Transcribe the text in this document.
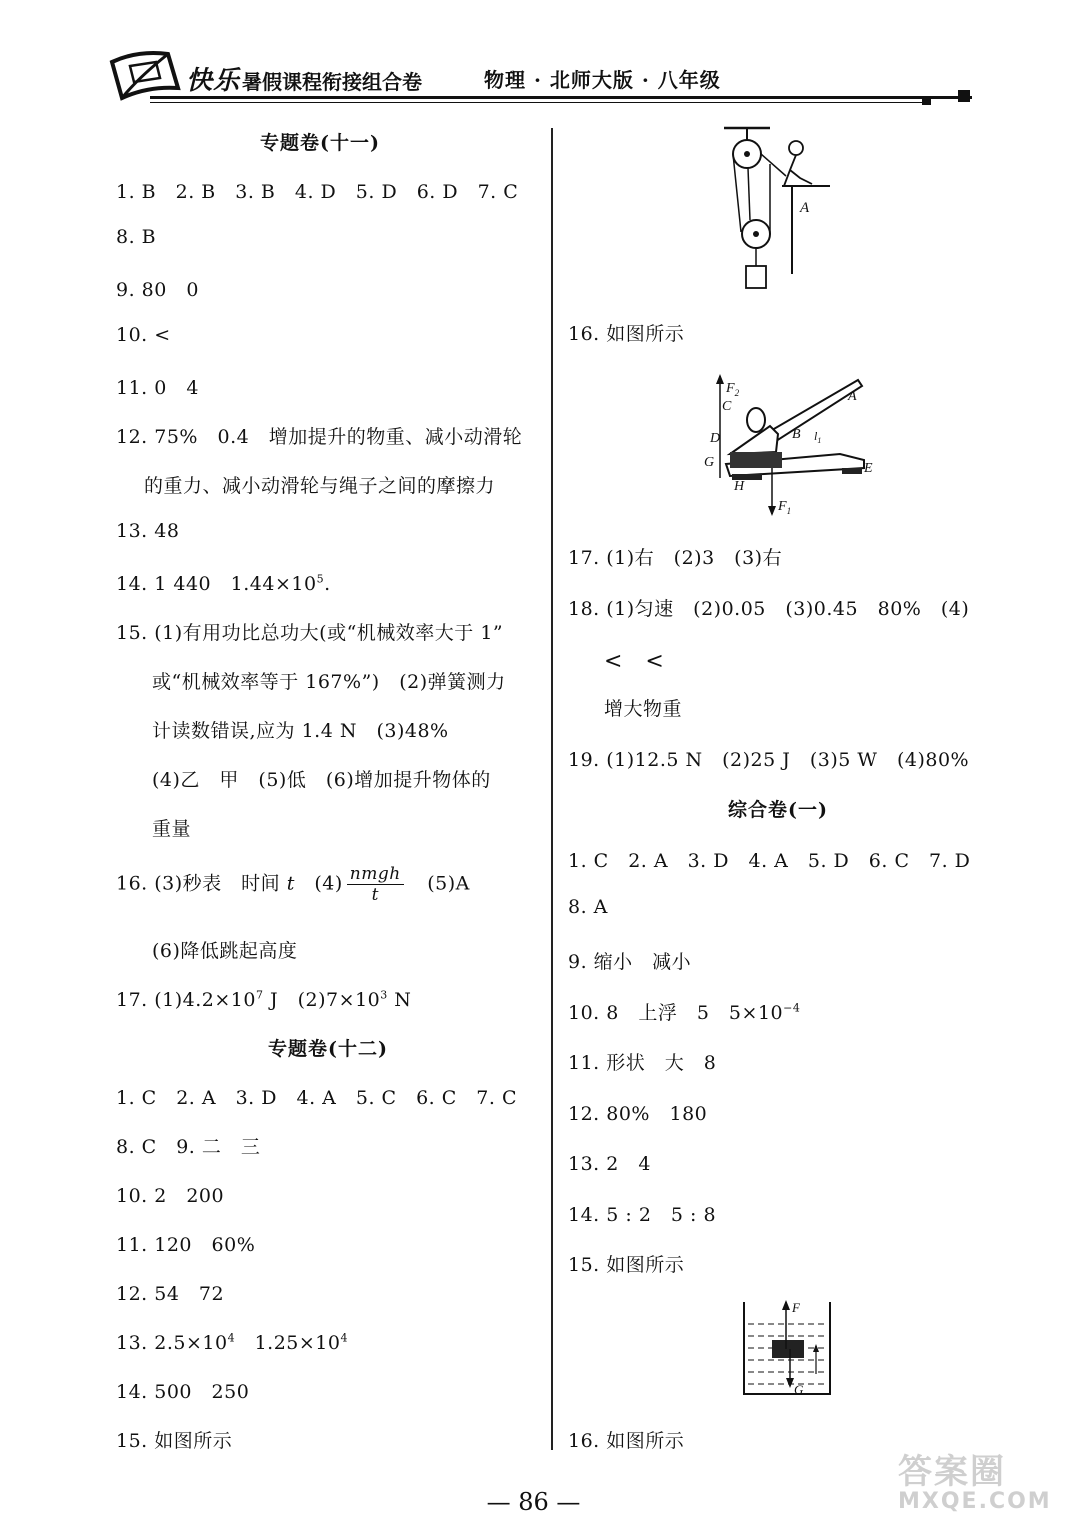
快乐 暑假课程衔接组合卷	物理 · 北师大版 · 八年级
专题卷(十一)
1. B　2. B　3. B　4. D　5. D　6. D　7. C
8. B
9. 80　0
10. <
11. 0　4
12. 75%　0.4　增加提升的物重、减小动滑轮
的重力、减小动滑轮与绳子之间的摩擦力
13. 48
14. 1 440　$1.44\times 10^5$.
15. (1)有用功比总功大(或“机械效率大于 1”
或“机械效率等于 167%”)　(2)弹簧测力
计读数错误,应为 1.4 N　(3)48%
(4)乙　甲　(5)低　(6)增加提升物体的
重量
16. (3)秒表　时间 t　$(4) \frac{\text{nmgh}}{t}$ 　(5)A
(6)降低跳起高度
17. $(1)4.2\times 10^7$ J　$(2)7\times 10^3$ N
专题卷(十二)
1. C　2. A　3. D　4. A　5. C　6. C　7. C
8. C　9. 二　三
10. 2　200
11. 120　60%
12. 54　72
13. $2.5\times 10^4$　$1.25\times 10^4$
14. 500　250
15. 如图所示
A
16. 如图所示
$F_2$
C
A
D	B $l_1$
G	E
H
$F_1$
17. (1)右　(2)3　(3)右
18. (1)匀速　(2)0.05　(3)0.45　80%　(4)
<　<
增大物重
19. (1)12.5 N　(2)25 J　(3)5 W　(4)80%
综合卷(一)
1. C　2. A　3. D　4. A　5. D　6. C　7. D
8. A
9. 缩小　减小
10. 8　上浮　5　$5\times 10^{-4}$
11. 形状　大　8
12. 80%　180
13. 2　4
14. 5 : 2　5 : 8
15. 如图所示
F
G
16. 如图所示
— 86 —
答案圈
MXQE.COM
